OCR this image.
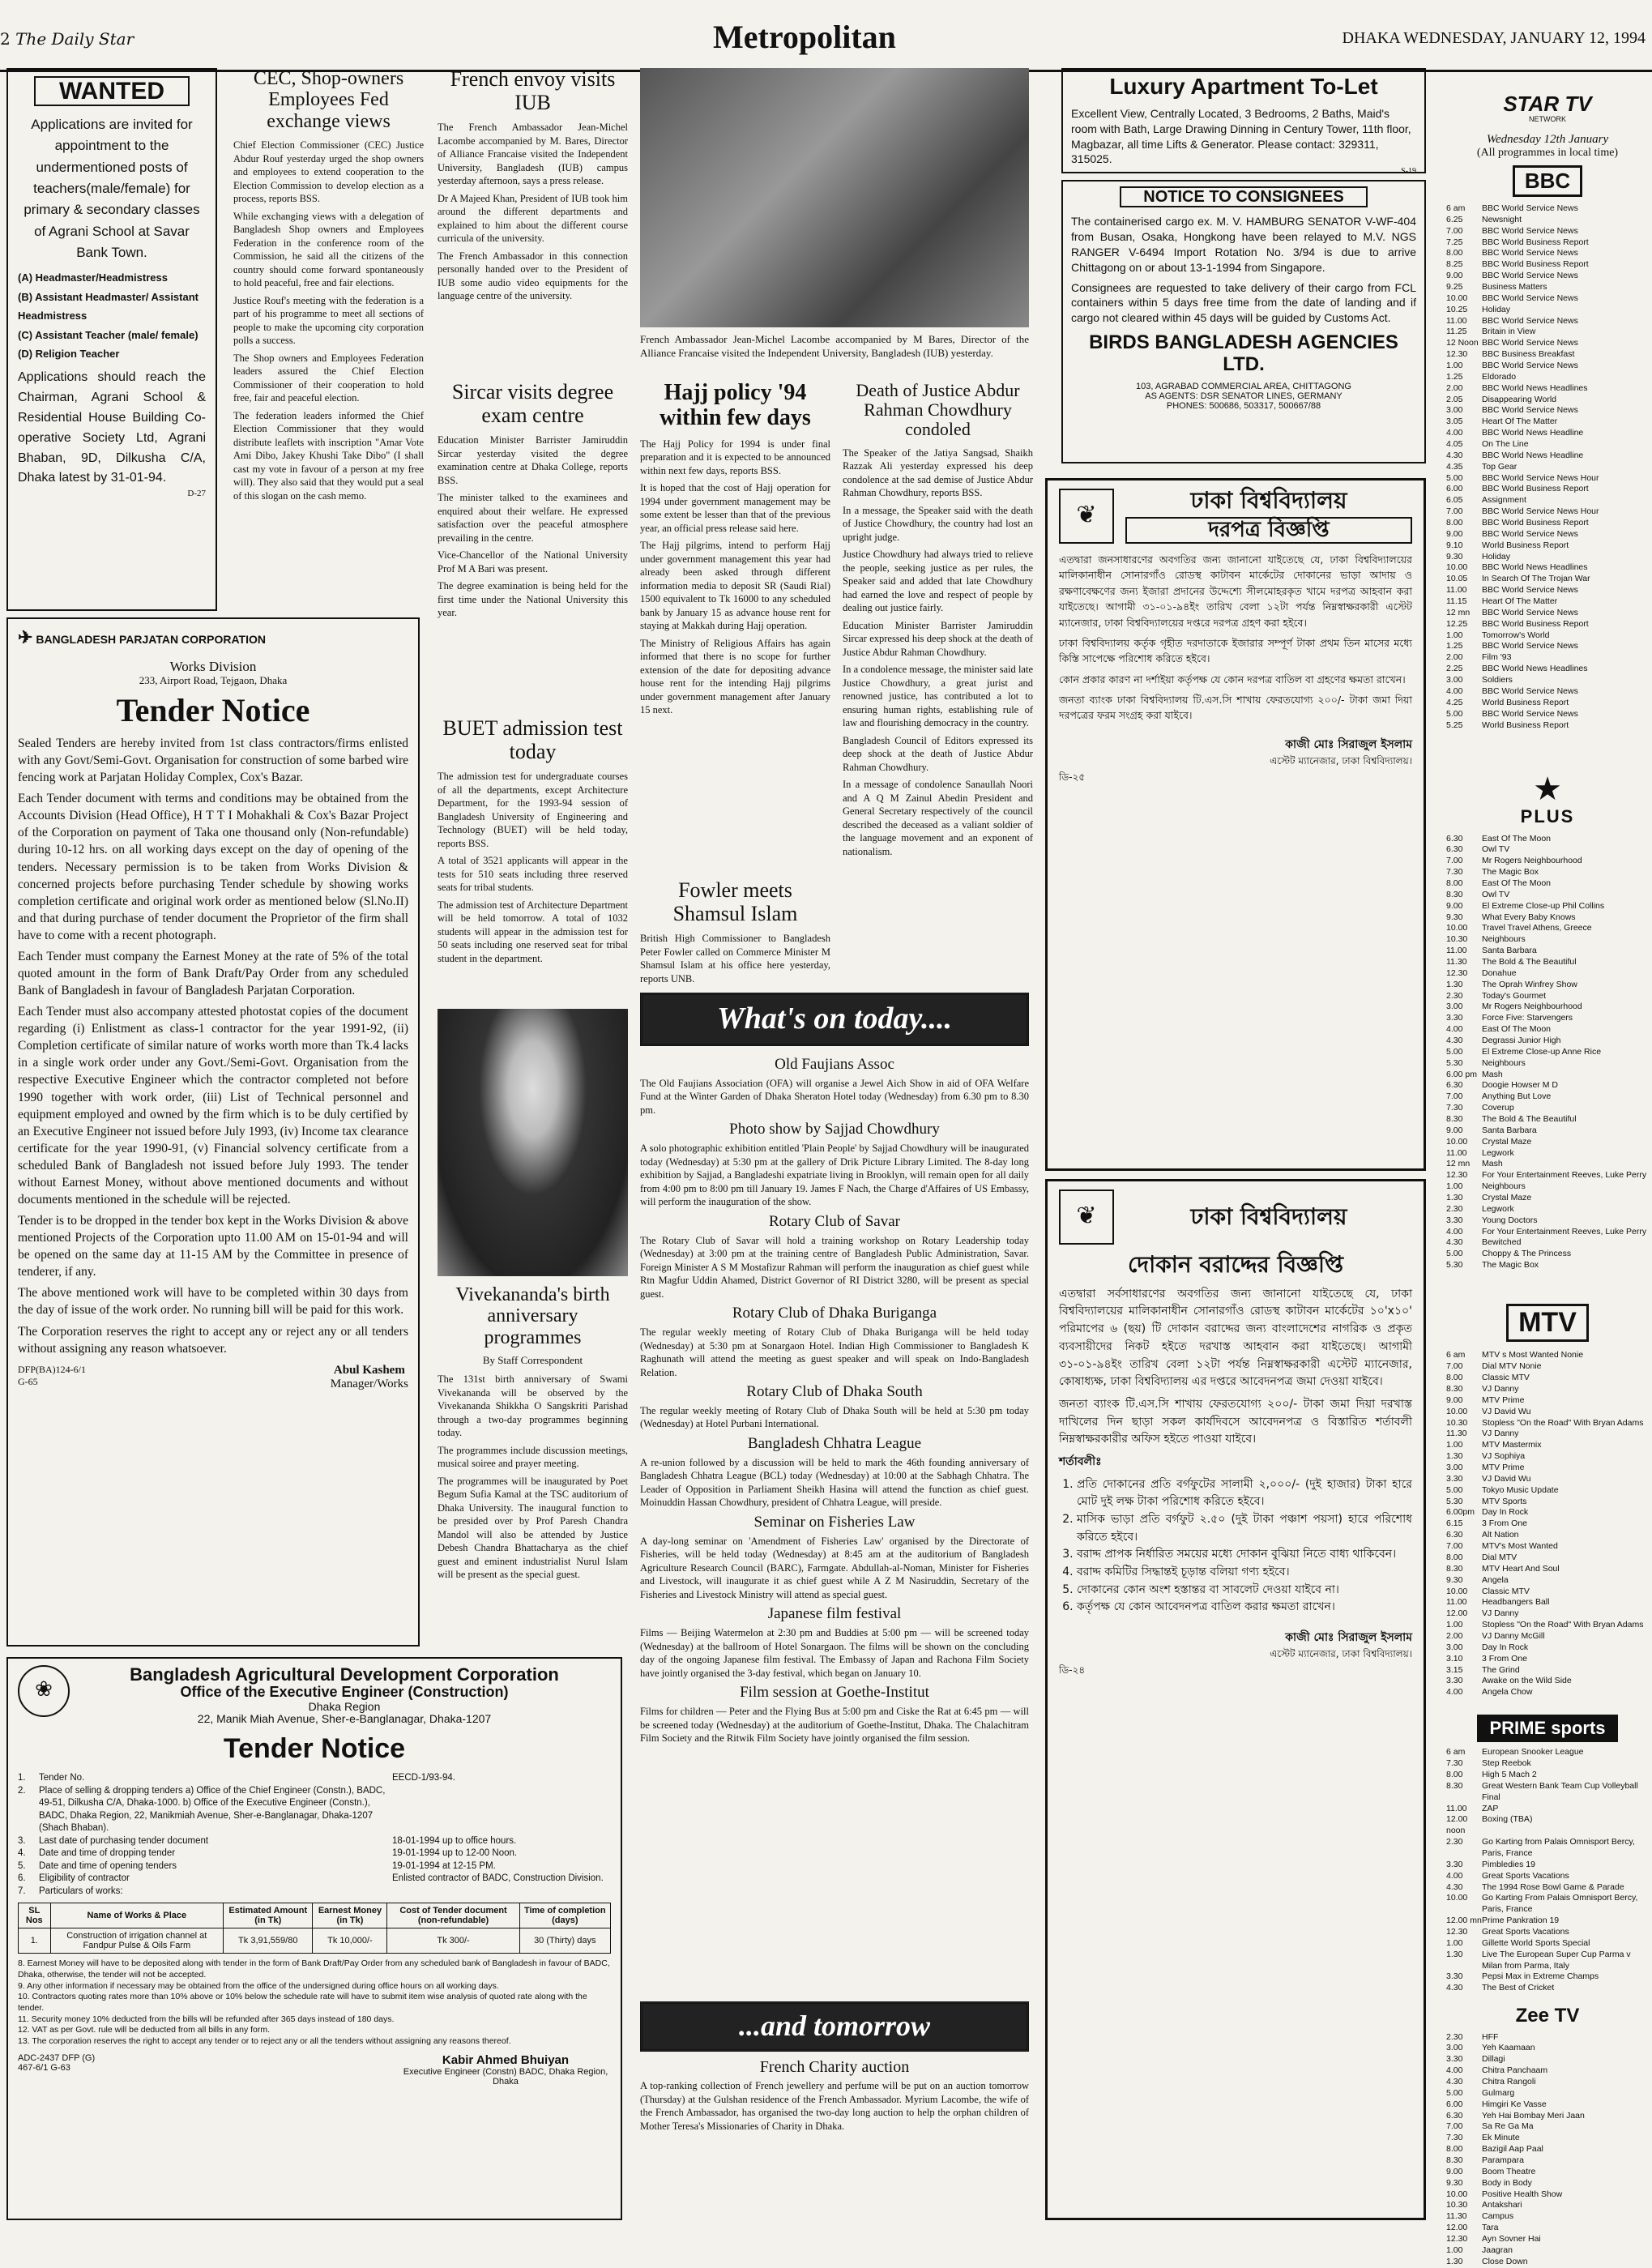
2 The Daily Star	Metropolitan	DHAKA WEDNESDAY, JANUARY 12, 1994
WANTED
Applications are invited for appointment to the undermentioned posts of teachers(male/female) for primary & secondary classes of Agrani School at Savar Bank Town.
(A) Headmaster/Headmistress
(B) Assistant Headmaster/ Assistant Headmistress
(C) Assistant Teacher (male/ female)
(D) Religion Teacher
Applications should reach the Chairman, Agrani School & Residential House Building Co-operative Society Ltd, Agrani Bhaban, 9D, Dilkusha C/A, Dhaka latest by 31-01-94.
D-27
CEC, Shop-owners Employees Fed exchange views

Chief Election Commissioner (CEC) Justice Abdur Rouf yesterday urged the shop owners and employees to extend cooperation to the Election Commission to develop election as a process, reports BSS.

While exchanging views with a delegation of Bangladesh Shop owners and Employees Federation in the conference room of the Commission, he said all the citizens of the country should come forward spontaneously to hold peaceful, free and fair elections.

Justice Rouf's meeting with the federation is a part of his programme to meet all sections of people to make the upcoming city corporation polls a success.

The Shop owners and Employees Federation leaders assured the Chief Election Commissioner of their cooperation to hold free, fair and peaceful election.

The federation leaders informed the Chief Election Commissioner that they would distribute leaflets with inscription "Amar Vote Ami Dibo, Jakey Khushi Take Dibo" (I shall cast my vote in favour of a person at my free will). They also said that they would put a seal of this slogan on the cash memo.

French envoy visits IUB

The French Ambassador Jean-Michel Lacombe accompanied by M. Bares, Director of Alliance Francaise visited the Independent University, Bangladesh (IUB) campus yesterday afternoon, says a press release.

Dr A Majeed Khan, President of IUB took him around the different departments and explained to him about the different course curricula of the university.

The French Ambassador in this connection personally handed over to the President of IUB some audio video equipments for the language centre of the university.

French Ambassador Jean-Michel Lacombe accompanied by M Bares, Director of the Alliance Francaise visited the Independent University, Bangladesh (IUB) yesterday.
Luxury Apartment To-Let
Excellent View, Centrally Located, 3 Bedrooms, 2 Baths, Maid's room with Bath, Large Drawing Dinning in Century Tower, 11th floor, Magbazar, all time Lifts & Generator. Please contact: 329311, 315025.
S-19
NOTICE TO CONSIGNEES
The containerised cargo ex. M. V. HAMBURG SENATOR V-WF-404 from Busan, Osaka, Hongkong have been relayed to M.V. NGS RANGER V-6494 Import Rotation No. 3/94 is due to arrive Chittagong on or about 13-1-1994 from Singapore.
Consignees are requested to take delivery of their cargo from FCL containers within 5 days free time from the date of landing and if cargo not cleared within 45 days will be guided by Customs Act.
BIRDS BANGLADESH AGENCIES LTD.
103, AGRABAD COMMERCIAL AREA, CHITTAGONG
AS AGENTS: DSR SENATOR LINES, GERMANY
PHONES: 500686, 503317, 500667/88
STAR TV
NETWORK
Wednesday 12th January
(All programmes in local time)
BBC
6 am	BBC World Service News
6.25	Newsnight
7.00	BBC World Service News
7.25	BBC World Business Report
8.00	BBC World Service News
8.25	BBC World Business Report
9.00	BBC World Service News
9.25	Business Matters
10.00	BBC World Service News
10.25	Holiday
11.00	BBC World Service News
11.25	Britain in View
12 Noon BBC World Service News
12.30	BBC Business Breakfast
1.00	BBC World Service News
1.25	Eldorado
2.00	BBC World News Headlines
2.05	Disappearing World
3.00	BBC World Service News
3.05	Heart Of The Matter
4.00	BBC World News Headline
4.05	On The Line
4.30	BBC World News Headline
4.35	Top Gear
5.00	BBC World Service News Hour
6.00	BBC World Business Report
6.05	Assignment
7.00	BBC World Service News Hour
8.00	BBC World Business Report
9.00	BBC World Service News
9.10	World Business Report
9.30	Holiday
10.00	BBC World News Headlines
10.05	In Search Of The Trojan War
11.00	BBC World Service News
11.15	Heart Of The Matter
12 mn	BBC World Service News
12.25	BBC World Business Report
1.00	Tomorrow's World
1.25	BBC World Service News
2.00	Film '93
2.25	BBC World News Headlines
3.00	Soldiers
4.00	BBC World Service News
4.25	World Business Report
5.00	BBC World Service News
5.25	World Business Report
★
PLUS
6.30	East Of The Moon
6.30	Owl TV
7.00	Mr Rogers Neighbourhood
7.30	The Magic Box
8.00	East Of The Moon
8.30	Owl TV
9.00	El Extreme Close-up Phil Collins
9.30	What Every Baby Knows
10.00	Travel Travel Athens, Greece
10.30	Neighbours
11.00	Santa Barbara
11.30	The Bold & The Beautiful
12.30	Donahue
1.30	The Oprah Winfrey Show
2.30	Today's Gourmet
3.00	Mr Rogers Neighbourhood
3.30	Force Five: Starvengers
4.00	East Of The Moon
4.30	Degrassi Junior High
5.00	El Extreme Close-up Anne Rice
5.30	Neighbours
6.00 pm Mash
6.30	Doogie Howser M D
7.00	Anything But Love
7.30	Coverup
8.30	The Bold & The Beautiful
9.00	Santa Barbara
10.00	Crystal Maze
11.00	Legwork
12 mn	Mash
12.30	For Your Entertainment Reeves, Luke Perry
1.00	Neighbours
1.30	Crystal Maze
2.30	Legwork
3.30	Young Doctors
4.00	For Your Entertainment Reeves, Luke Perry
4.30	Bewitched
5.00	Choppy & The Princess
5.30	The Magic Box
MTV
6 am	MTV s Most Wanted Nonie
7.00	Dial MTV Nonie
8.00	Classic MTV
8.30	VJ Danny
9.00	MTV Prime
10.00	VJ David Wu
10.30	Stopless "On the Road" With Bryan Adams
11.30	VJ Danny
1.00	MTV Mastermix
1.30	VJ Sophiya
3.00	MTV Prime
3.30	VJ David Wu
5.00	Tokyo Music Update
5.30	MTV Sports
6.00pm Day In Rock
6.15	3 From One
6.30	Alt Nation
7.00	MTV's Most Wanted
8.00	Dial MTV
8.30	MTV Heart And Soul
9.30	Angela
10.00	Classic MTV
11.00	Headbangers Ball
12.00	VJ Danny
1.00	Stopless "On the Road" With Bryan Adams
2.00	VJ Danny McGill
3.00	Day In Rock
3.10	3 From One
3.15	The Grind
3.30	Awake on the Wild Side
4.00	Angela Chow
PRIME sports
6 am	European Snooker League
7.30	Step Reebok
8.00	High 5 Mach 2
8.30	Great Western Bank Team Cup Volleyball Final
11.00	ZAP
12.00 noon
Boxing (TBA)
2.30	Go Karting from Palais Omnisport Bercy, Paris, France
3.30	Pimbledies 19
4.00	Great Sports Vacations
4.30	The 1994 Rose Bowl Game & Parade
10.00	Go Karting From Palais Omnisport Bercy, Paris, France
12.00 mn Prime Pankration 19
12.30	Great Sports Vacations
1.00	Gillette World Sports Special
1.30	Live The European Super Cup Parma v Milan from Parma, Italy
3.30	Pepsi Max in Extreme Champs
4.30	The Best of Cricket
Zee TV
2.30	HFF
3.00	Yeh Kaamaan
3.30	Dillagi
4.00	Chitra Panchaam
4.30	Chitra Rangoli
5.00	Gulmarg
6.00	Himgiri Ke Vasse
6.30	Yeh Hai Bombay Meri Jaan
7.00	Sa Re Ga Ma
7.30	Ek Minute
8.00	Bazigil Aap Paal
8.30	Parampara
9.00	Boom Theatre
9.30	Body in Body
10.00	Positive Health Show
10.30	Antakshari
11.30	Campus
12.00	Tara
12.30	Ayn Sovner Hai
1.00	Jaagran
1.30	Close Down
✈ BANGLADESH PARJATAN CORPORATION
Works Division
233, Airport Road, Tejgaon, Dhaka
Tender Notice

Sealed Tenders are hereby invited from 1st class contractors/firms enlisted with any Govt/Semi-Govt. Organisation for construction of some barbed wire fencing work at Parjatan Holiday Complex, Cox's Bazar.

Each Tender document with terms and conditions may be obtained from the Accounts Division (Head Office), H T T I Mohakhali & Cox's Bazar Project of the Corporation on payment of Taka one thousand only (Non-refundable) during 10-12 hrs. on all working days except on the day of opening of the tenders. Necessary permission is to be taken from Works Division & concerned projects before purchasing Tender schedule by showing works completion certificate and original work order as mentioned below (Sl.No.II) and that during purchase of tender document the Proprietor of the firm shall have to come with a recent photograph.

Each Tender must company the Earnest Money at the rate of 5% of the total quoted amount in the form of Bank Draft/Pay Order from any scheduled Bank of Bangladesh in favour of Bangladesh Parjatan Corporation.

Each Tender must also accompany attested photostat copies of the document regarding (i) Enlistment as class-1 contractor for the year 1991-92, (ii) Completion certificate of similar nature of works worth more than Tk.4 lacks in a single work order under any Govt./Semi-Govt. Organisation from the respective Executive Engineer which the contractor completed not before 1990 together with work order, (iii) List of Technical personnel and equipment employed and owned by the firm which is to be duly certified by an Executive Engineer not issued before July 1993, (iv) Income tax clearance certificate for the year 1990-91, (v) Financial solvency certificate from a scheduled Bank of Bangladesh not issued before July 1993. The tender without Earnest Money, without above mentioned documents and without documents mentioned in the schedule will be rejected.

Tender is to be dropped in the tender box kept in the Works Division & above mentioned Projects of the Corporation upto 11.00 AM on 15-01-94 and will be opened on the same day at 11-15 AM by the Committee in presence of tenderer, if any.

The above mentioned work will have to be completed within 30 days from the day of issue of the work order. No running bill will be paid for this work.

The Corporation reserves the right to accept any or reject any or all tenders without assigning any reason whatsoever.

DFP(BA)124-6/1
G-65
Abul Kashem
Manager/Works
Sircar visits degree exam centre

Education Minister Barrister Jamiruddin Sircar yesterday visited the degree examination centre at Dhaka College, reports BSS.

The minister talked to the examinees and enquired about their welfare. He expressed satisfaction over the peaceful atmosphere prevailing in the centre.

Vice-Chancellor of the National University Prof M A Bari was present.

The degree examination is being held for the first time under the National University this year.

BUET admission test today

The admission test for undergraduate courses of all the departments, except Architecture Department, for the 1993-94 session of Bangladesh University of Engineering and Technology (BUET) will be held today, reports BSS.

A total of 3521 applicants will appear in the tests for 510 seats including three reserved seats for tribal students.

The admission test of Architecture Department will be held tomorrow. A total of 1032 students will appear in the admission test for 50 seats including one reserved seat for tribal student in the department.

Vivekananda's birth anniversary programmes
By Staff Correspondent

The 131st birth anniversary of Swami Vivekananda will be observed by the Vivekananda Shikkha O Sangskriti Parishad through a two-day programmes beginning today.

The programmes include discussion meetings, musical soiree and prayer meeting.

The programmes will be inaugurated by Poet Begum Sufia Kamal at the TSC auditorium of Dhaka University. The inaugural function to be presided over by Prof Paresh Chandra Mandol will also be attended by Justice Debesh Chandra Bhattacharya as the chief guest and eminent industrialist Nurul Islam will be present as the special guest.

Hajj policy '94 within few days

The Hajj Policy for 1994 is under final preparation and it is expected to be announced within next few days, reports BSS.

It is hoped that the cost of Hajj operation for 1994 under government management may be some extent be lesser than that of the previous year, an official press release said here.

The Hajj pilgrims, intend to perform Hajj under government management this year had already been asked through different information media to deposit SR (Saudi Rial) 1500 equivalent to Tk 16000 to any scheduled bank by January 15 as advance house rent for staying at Makkah during Hajj operation.

The Ministry of Religious Affairs has again informed that there is no scope for further extension of the date for depositing advance house rent for the intending Hajj pilgrims under government management after January 15 next.

Fowler meets Shamsul Islam

British High Commissioner to Bangladesh Peter Fowler called on Commerce Minister M Shamsul Islam at his office here yesterday, reports UNB.

Death of Justice Abdur Rahman Chowdhury condoled

The Speaker of the Jatiya Sangsad, Shaikh Razzak Ali yesterday expressed his deep condolence at the sad demise of Justice Abdur Rahman Chowdhury, reports BSS.

In a message, the Speaker said with the death of Justice Chowdhury, the country had lost an upright judge.

Justice Chowdhury had always tried to relieve the people, seeking justice as per rules, the Speaker said and added that late Chowdhury had earned the love and respect of people by dealing out justice fairly.

Education Minister Barrister Jamiruddin Sircar expressed his deep shock at the death of Justice Abdur Rahman Chowdhury.

In a condolence message, the minister said late Justice Chowdhury, a great jurist and renowned justice, has contributed a lot to ensuring human rights, establishing rule of law and flourishing democracy in the country.

Bangladesh Council of Editors expressed its deep shock at the death of Justice Abdur Rahman Chowdhury.

In a message of condolence Sanaullah Noori and A Q M Zainul Abedin President and General Secretary respectively of the council described the deceased as a valiant soldier of the language movement and an exponent of nationalism.

What's on today....
Old Faujians Assoc

The Old Faujians Association (OFA) will organise a Jewel Aich Show in aid of OFA Welfare Fund at the Winter Garden of Dhaka Sheraton Hotel today (Wednesday) from 6.30 pm to 8.30 pm.

Photo show by Sajjad Chowdhury

A solo photographic exhibition entitled 'Plain People' by Sajjad Chowdhury will be inaugurated today (Wednesday) at 5:30 pm at the gallery of Drik Picture Library Limited. The 8-day long exhibition by Sajjad, a Bangladeshi expatriate living in Brooklyn, will remain open for all daily from 4:00 pm to 8:00 pm till January 19. James F Nach, the Charge d'Affaires of US Embassy, will perform the inauguration of the show.

Rotary Club of Savar

The Rotary Club of Savar will hold a training workshop on Rotary Leadership today (Wednesday) at 3:00 pm at the training centre of Bangladesh Public Administration, Savar. Foreign Minister A S M Mostafizur Rahman will perform the inauguration as chief guest while Rtn Magfur Uddin Ahamed, District Governor of RI District 3280, will be present as special guest.

Rotary Club of Dhaka Buriganga

The regular weekly meeting of Rotary Club of Dhaka Buriganga will be held today (Wednesday) at 5:30 pm at Sonargaon Hotel. Indian High Commissioner to Bangladesh K Raghunath will attend the meeting as guest speaker and will speak on Indo-Bangladesh Relation.

Rotary Club of Dhaka South

The regular weekly meeting of Rotary Club of Dhaka South will be held at 5:30 pm today (Wednesday) at Hotel Purbani International.

Bangladesh Chhatra League

A re-union followed by a discussion will be held to mark the 46th founding anniversary of Bangladesh Chhatra League (BCL) today (Wednesday) at 10:00 at the Sabhagh Chhatra. The Leader of Opposition in Parliament Sheikh Hasina will attend the function as chief guest. Moinuddin Hassan Chowdhury, president of Chhatra League, will preside.

Seminar on Fisheries Law

A day-long seminar on 'Amendment of Fisheries Law' organised by the Directorate of Fisheries, will be held today (Wednesday) at 8:45 am at the auditorium of Bangladesh Agriculture Research Council (BARC), Farmgate. Abdullah-al-Noman, Minister for Fisheries and Livestock, will inaugurate it as chief guest while A Z M Nasiruddin, Secretary of the Fisheries and Livestock Ministry will attend as special guest.

Japanese film festival

Films — Beijing Watermelon at 2:30 pm and Buddies at 5:00 pm — will be screened today (Wednesday) at the ballroom of Hotel Sonargaon. The films will be shown on the concluding day of the ongoing Japanese film festival. The Embassy of Japan and Rachona Film Society have jointly organised the 3-day festival, which began on January 10.

Film session at Goethe-Institut

Films for children — Peter and the Flying Bus at 5:00 pm and Ciske the Rat at 6:45 pm — will be screened today (Wednesday) at the auditorium of Goethe-Institut, Dhaka. The Chalachitram Film Society and the Ritwik Film Society have jointly organised the film session.

...and tomorrow
French Charity auction

A top-ranking collection of French jewellery and perfume will be put on an auction tomorrow (Thursday) at the Gulshan residence of the French Ambassador. Myrium Lacombe, the wife of the French Ambassador, has organised the two-day long auction to help the orphan children of Mother Teresa's Missionaries of Charity in Dhaka.

❀
Bangladesh Agricultural Development Corporation
Office of the Executive Engineer (Construction)
Dhaka Region
22, Manik Miah Avenue, Sher-e-Banglanagar, Dhaka-1207
Tender Notice
1.	Tender No.	EECD-1/93-94.
2.	Place of selling & dropping tenders a) Office of the Chief Engineer (Constn.), BADC, 49-51, Dilkusha C/A, Dhaka-1000. b) Office of the Executive Engineer (Constn.), BADC, Dhaka Region, 22, Manikmiah Avenue, Sher-e-Banglanagar, Dhaka-1207 (Shach Bhaban).
3.	Last date of purchasing tender document	18-01-1994 up to office hours.
4.	Date and time of dropping tender	19-01-1994 up to 12-00 Noon.
5.	Date and time of opening tenders	19-01-1994 at 12-15 PM.
6.	Eligibility of contractor	Enlisted contractor of BADC, Construction Division.
7.	Particulars of works:
SL Nos	Name of Works & Place	Estimated Amount (in Tk)	Earnest Money (in Tk)	Cost of Tender document (non-refundable)	Time of completion (days)
1.	Construction of irrigation channel at Fandpur Pulse & Oils Farm	Tk 3,91,559/80	Tk 10,000/-	Tk 300/-	30 (Thirty) days
8. Earnest Money will have to be deposited along with tender in the form of Bank Draft/Pay Order from any scheduled bank of Bangladesh in favour of BADC, Dhaka, otherwise, the tender will not be accepted.
9. Any other information if necessary may be obtained from the office of the undersigned during office hours on all working days.
10. Contractors quoting rates more than 10% above or 10% below the schedule rate will have to submit item wise analysis of quoted rate along with the tender.
11. Security money 10% deducted from the bills will be refunded after 365 days instead of 180 days.
12. VAT as per Govt. rule will be deducted from all bills in any form.
13. The corporation reserves the right to accept any tender or to reject any or all the tenders without assigning any reasons thereof.
ADC-2437 DFP (G) 467-6/1 G-63
Kabir Ahmed Bhuiyan
Executive Engineer (Constn) BADC, Dhaka Region, Dhaka
❦
ঢাকা বিশ্ববিদ্যালয়
দরপত্র বিজ্ঞপ্তি

এতদ্বারা জনসাধারণের অবগতির জন্য জানানো যাইতেছে যে, ঢাকা বিশ্ববিদ্যালয়ের মালিকানাধীন সোনারগাঁও রোডস্থ কাটাবন মার্কেটের দোকানের ভাড়া আদায় ও রক্ষণাবেক্ষণের জন্য ইজারা প্রদানের উদ্দেশ্যে সীলমোহরকৃত খামে দরপত্র আহবান করা যাইতেছে। আগামী ৩১-০১-৯৪ইং তারিখ বেলা ১২টা পর্যন্ত নিম্নস্বাক্ষরকারী এস্টেট ম্যানেজার, ঢাকা বিশ্ববিদ্যালয়ের দপ্তরে দরপত্র গ্রহণ করা হইবে।

ঢাকা বিশ্ববিদ্যালয় কর্তৃক গৃহীত দরদাতাকে ইজারার সম্পূর্ণ টাকা প্রথম তিন মাসের মধ্যে কিস্তি সাপেক্ষে পরিশোধ করিতে হইবে।

কোন প্রকার কারণ না দর্শাইয়া কর্তৃপক্ষ যে কোন দরপত্র বাতিল বা গ্রহণের ক্ষমতা রাখেন।

জনতা ব্যাংক ঢাকা বিশ্ববিদ্যালয় টি.এস.সি শাখায় ফেরতযোগ্য ২০০/- টাকা জমা দিয়া দরপত্রের ফরম সংগ্রহ করা যাইবে।

কাজী মোঃ সিরাজুল ইসলাম
এস্টেট ম্যানেজার, ঢাকা বিশ্ববিদ্যালয়।
ডি-২৫
❦	ঢাকা বিশ্ববিদ্যালয়
দোকান বরাদ্দের বিজ্ঞপ্তি

এতদ্বারা সর্বসাধারণের অবগতির জন্য জানানো যাইতেছে যে, ঢাকা বিশ্ববিদ্যালয়ের মালিকানাধীন সোনারগাঁও রোডস্থ কাটাবন মার্কেটের ১০'x১০' পরিমাপের ৬ (ছয়) টি দোকান বরাদ্দের জন্য বাংলাদেশের নাগরিক ও প্রকৃত ব্যবসায়ীদের নিকট হইতে দরখাস্ত আহবান করা যাইতেছে। আগামী ৩১-০১-৯৪ইং তারিখ বেলা ১২টা পর্যন্ত নিম্নস্বাক্ষরকারী এস্টেট ম্যানেজার, কোষাধ্যক্ষ, ঢাকা বিশ্ববিদ্যালয় এর দপ্তরে আবেদনপত্র জমা দেওয়া যাইবে।

জনতা ব্যাংক টি.এস.সি শাখায় ফেরতযোগ্য ২০০/- টাকা জমা দিয়া দরখাস্ত দাখিলের দিন ছাড়া সকল কার্যদিবসে আবেদনপত্র ও বিস্তারিত শর্তাবলী নিম্নস্বাক্ষরকারীর অফিস হইতে পাওয়া যাইবে।

শর্তাবলীঃ

1. প্রতি দোকানের প্রতি বর্গফুটের সালামী ২,০০০/- (দুই হাজার) টাকা হারে মোট দুই লক্ষ টাকা পরিশোধ করিতে হইবে।
2. মাসিক ভাড়া প্রতি বর্গফুট ২.৫০ (দুই টাকা পঞ্চাশ পয়সা) হারে পরিশোধ করিতে হইবে।
3. বরাদ্দ প্রাপক নির্ধারিত সময়ের মধ্যে দোকান বুঝিয়া নিতে বাধ্য থাকিবেন।
4. বরাদ্দ কমিটির সিদ্ধান্তই চূড়ান্ত বলিয়া গণ্য হইবে।
5. দোকানের কোন অংশ হস্তান্তর বা সাবলেট দেওয়া যাইবে না।
6. কর্তৃপক্ষ যে কোন আবেদনপত্র বাতিল করার ক্ষমতা রাখেন।
কাজী মোঃ সিরাজুল ইসলাম
এস্টেট ম্যানেজার, ঢাকা বিশ্ববিদ্যালয়।
ডি-২৪
